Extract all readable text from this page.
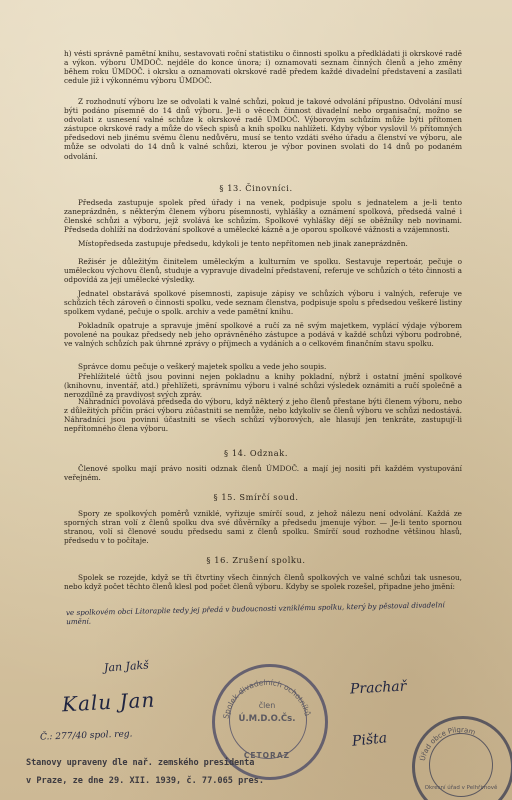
h) vésti správně pamětní knihu, sestavovati roční statistiku o činnosti spolku a předkládati ji okrskové radě a výkon. výboru ÚMDOČ. nejdéle do konce února; i) oznamovati seznam činných členů a jeho změny během roku ÚMDOČ. i okrsku a oznamovati okrskové radě předem každé divadelní představení a zasílati cedule již i výkonnému výboru ÚMDOČ.

Z rozhodnutí výboru lze se odvolati k valné schůzi, pokud je takové odvolání přípustno. Odvolání musí býti podáno písemně do 14 dnů výboru. Je-li o věcech činnost divadelní nebo organisační, možno se odvolati z usnesení valné schůze k okrskové radě ÚMDOČ. Výborovým schůzím může býti přítomen zástupce okrskové rady a může do všech spisů a knih spolku nahlížeti. Kdyby výbor vyslovil ⅓ přítomných předsedovi neb jinému svému členu nedůvěru, musí se tento vzdáti svého úřadu a členství ve výboru, ale může se odvolati do 14 dnů k valné schůzi, kterou je výbor povinen svolati do 14 dnů po podaném odvolání.

§ 13. Činovníci.

Předseda zastupuje spolek před úřady i na venek, podpisuje spolu s jednatelem a je-li tento zaneprázdněn, s některým členem výboru písemnosti, vyhlášky a oznámení spolková, předsedá valné i členské schůzi a výboru, jejž svolává ke schůzím. Spolkové vyhlášky dějí se oběžníky neb novinami. Předseda dohlíží na dodržování spolkové a umělecké kázně a je oporou spolkové vážnosti a vzájemnosti.

Místopředseda zastupuje předsedu, kdykoli je tento nepřítomen neb jinak zaneprázdněn.

Režisér je důležitým činitelem uměleckým a kulturním ve spolku. Sestavuje repertoár, pečuje o uměleckou výchovu členů, studuje a vypravuje divadelní představení, referuje ve schůzích o této činnosti a odpovídá za její umělecké výsledky.

Jednatel obstarává spolkové písemnosti, zapisuje zápisy ve schůzích výboru i valných, referuje ve schůzích těch zároveň o činnosti spolku, vede seznam členstva, podpisuje spolu s předsedou veškeré listiny spolkem vydané, pečuje o spolk. archiv a vede pamětní knihu.

Pokladník opatruje a spravuje jmění spolkové a ručí za ně svým majetkem, vyplácí výdaje výborem povolené na poukaz předsedy neb jeho oprávněného zástupce a podává v každé schůzi výboru podrobné, ve valných schůzích pak úhrnné zprávy o příjmech a vydáních a o celkovém finančním stavu spolku.

Správce domu pečuje o veškerý majetek spolku a vede jeho soupis.

Přehlížitelé účtů jsou povinni nejen pokladnu a knihy pokladní, nýbrž i ostatní jmění spolkové (knihovnu, inventář, atd.) přehlížeti, správnímu výboru i valné schůzi výsledek oznámiti a ručí společně a nerozdílně za pravdivost svých zpráv.

Náhradníci povolává předseda do výboru, když některý z jeho členů přestane býti členem výboru, nebo z důležitých příčin práci výboru zúčastniti se nemůže, nebo kdykoliv se členů výboru ve schůzi nedostává. Náhradníci jsou povinni účastniti se všech schůzí výborových, ale hlasují jen tenkráte, zastupují-li nepřítomného člena výboru.

§ 14. Odznak.

Členové spolku mají právo nositi odznak členů ÚMDOČ. a mají jej nositi při každém vystupování veřejném.

§ 15. Smírčí soud.

Spory ze spolkových poměrů vzniklé, vyřizuje smírčí soud, z jehož nálezu není odvolání. Každá ze sporných stran volí z členů spolku dva své důvěrníky a předsedu jmenuje výbor. — Je-li tento spornou stranou, volí si členové soudu předsedu sami z členů spolku. Smírčí soud rozhodne většinou hlasů, předsedu v to počítaje.

§ 16. Zrušení spolku.

Spolek se rozejde, když se tři čtvrtiny všech činných členů spolkových ve valné schůzi tak usnesou, nebo když počet těchto členů klesl pod počet členů výboru. Kdyby se spolek rozešel, připadne jeho jmění:

ve spolkovém obci Litoraplie tedy jej předá v budoucnosti vzniklému spolku, který by pěstoval divadelní umění.

Jan Jakš

Kalu Jan

Č.: 277/40 spol. reg.

Spolek divadelních ochotníků

člen

Ú.M.D.O.Čs.

CETORAZ

Prachař

Pišta

Úřad obce Pilgram

Okresní úřad v Pelhřimově

Stanovy upraveny dle nař. zemského presidenta

v Praze, ze dne 29. XII. 1939, č. 77.065 pres.
